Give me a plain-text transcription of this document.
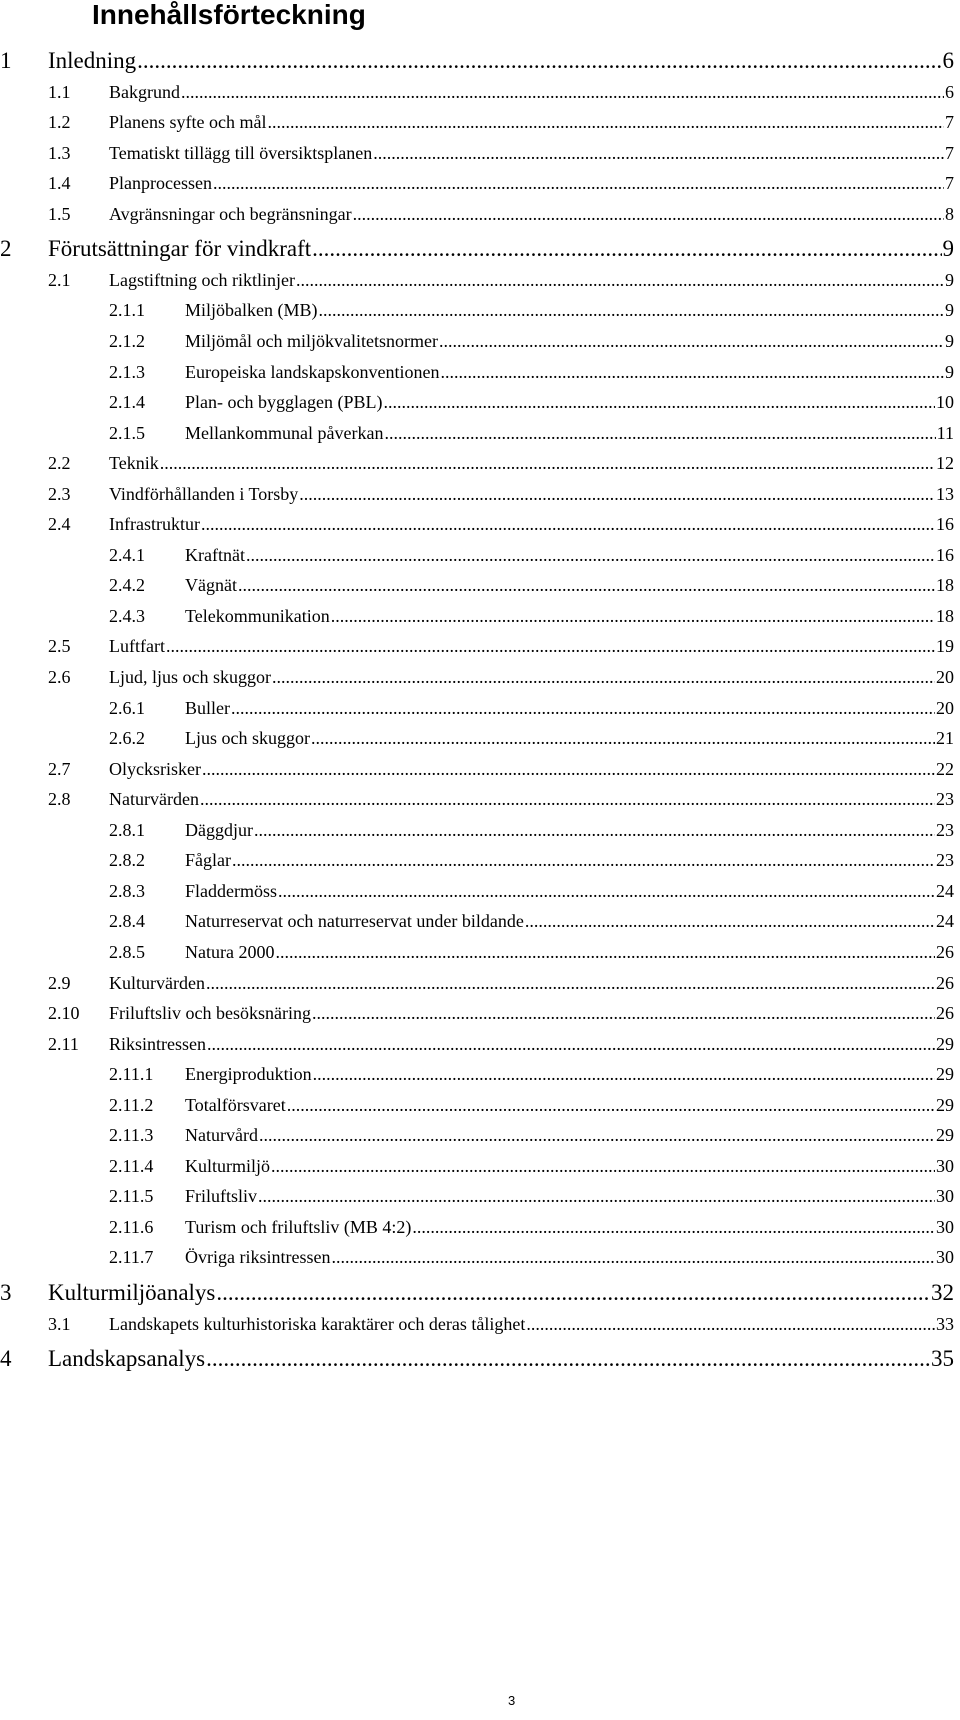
Innehållsförteckning
1	Inledning .....	6
1.1	Bakgrund .....	6
1.2	Planens syfte och mål .....	7
1.3	Tematiskt tillägg till översiktsplanen .....	7
1.4	Planprocessen .....	7
1.5	Avgränsningar och begränsningar .....	8
2	Förutsättningar för vindkraft .....	9
2.1	Lagstiftning och riktlinjer .....	9
2.1.1	Miljöbalken (MB) .....	9
2.1.2	Miljömål och miljökvalitetsnormer .....	9
2.1.3	Europeiska landskapskonventionen .....	9
2.1.4	Plan- och bygglagen (PBL) .....	10
2.1.5	Mellankommunal påverkan .....	11
2.2	Teknik .....	12
2.3	Vindförhållanden i Torsby .....	13
2.4	Infrastruktur .....	16
2.4.1	Kraftnät .....	16
2.4.2	Vägnät .....	18
2.4.3	Telekommunikation .....	18
2.5	Luftfart .....	19
2.6	Ljud, ljus och skuggor .....	20
2.6.1	Buller .....	20
2.6.2	Ljus och skuggor .....	21
2.7	Olycksrisker .....	22
2.8	Naturvärden .....	23
2.8.1	Däggdjur .....	23
2.8.2	Fåglar .....	23
2.8.3	Fladdermöss .....	24
2.8.4	Naturreservat och naturreservat under bildande .....	24
2.8.5	Natura 2000 .....	26
2.9	Kulturvärden .....	26
2.10	Friluftsliv och besöksnäring .....	26
2.11	Riksintressen .....	29
2.11.1	Energiproduktion .....	29
2.11.2	Totalförsvaret .....	29
2.11.3	Naturvård .....	29
2.11.4	Kulturmiljö .....	30
2.11.5	Friluftsliv .....	30
2.11.6	Turism och friluftsliv (MB 4:2) .....	30
2.11.7	Övriga riksintressen .....	30
3	Kulturmiljöanalys .....	32
3.1	Landskapets kulturhistoriska karaktärer och deras tålighet .....	33
4	Landskapsanalys .....	35
3
